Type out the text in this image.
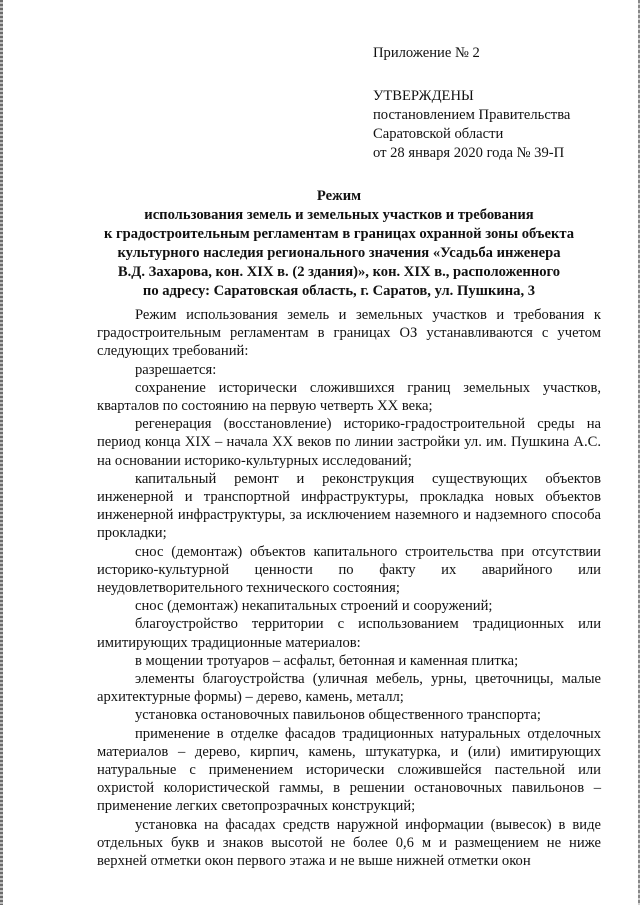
Приложение № 2
УТВЕРЖДЕНЫ
постановлением Правительства
Саратовской области
от 28 января 2020 года № 39-П
Режим
использования земель и земельных участков и требования
к градостроительным регламентам в границах охранной зоны объекта
культурного наследия регионального значения «Усадьба инженера
В.Д. Захарова, кон. XIX в. (2 здания)», кон. XIX в., расположенного
по адресу: Саратовская область, г. Саратов, ул. Пушкина, 3

Режим использования земель и земельных участков и требования к градостроительным регламентам в границах ОЗ устанавливаются с учетом следующих требований:

разрешается:

сохранение исторически сложившихся границ земельных участков, кварталов по состоянию на первую четверть XX века;

регенерация (восстановление) историко-градостроительной среды на период конца XIX – начала XX веков по линии застройки ул. им. Пушкина А.С. на основании историко-культурных исследований;

капитальный ремонт и реконструкция существующих объектов инженерной и транспортной инфраструктуры, прокладка новых объектов инженерной инфраструктуры, за исключением наземного и надземного способа прокладки;

снос (демонтаж) объектов капитального строительства при отсутствии историко-культурной ценности по факту их аварийного или неудовлетворительного технического состояния;

снос (демонтаж) некапитальных строений и сооружений;

благоустройство территории с использованием традиционных или имитирующих традиционные материалов:

в мощении тротуаров – асфальт, бетонная и каменная плитка;

элементы благоустройства (уличная мебель, урны, цветочницы, малые архитектурные формы) – дерево, камень, металл;

установка остановочных павильонов общественного транспорта;

применение в отделке фасадов традиционных натуральных отделочных материалов – дерево, кирпич, камень, штукатурка, и (или) имитирующих натуральные с применением исторически сложившейся пастельной или охристой колористической гаммы, в решении остановочных павильонов – применение легких светопрозрачных конструкций;

установка на фасадах средств наружной информации (вывесок) в виде отдельных букв и знаков высотой не более 0,6 м и размещением не ниже верхней отметки окон первого этажа и не выше нижней отметки окон
